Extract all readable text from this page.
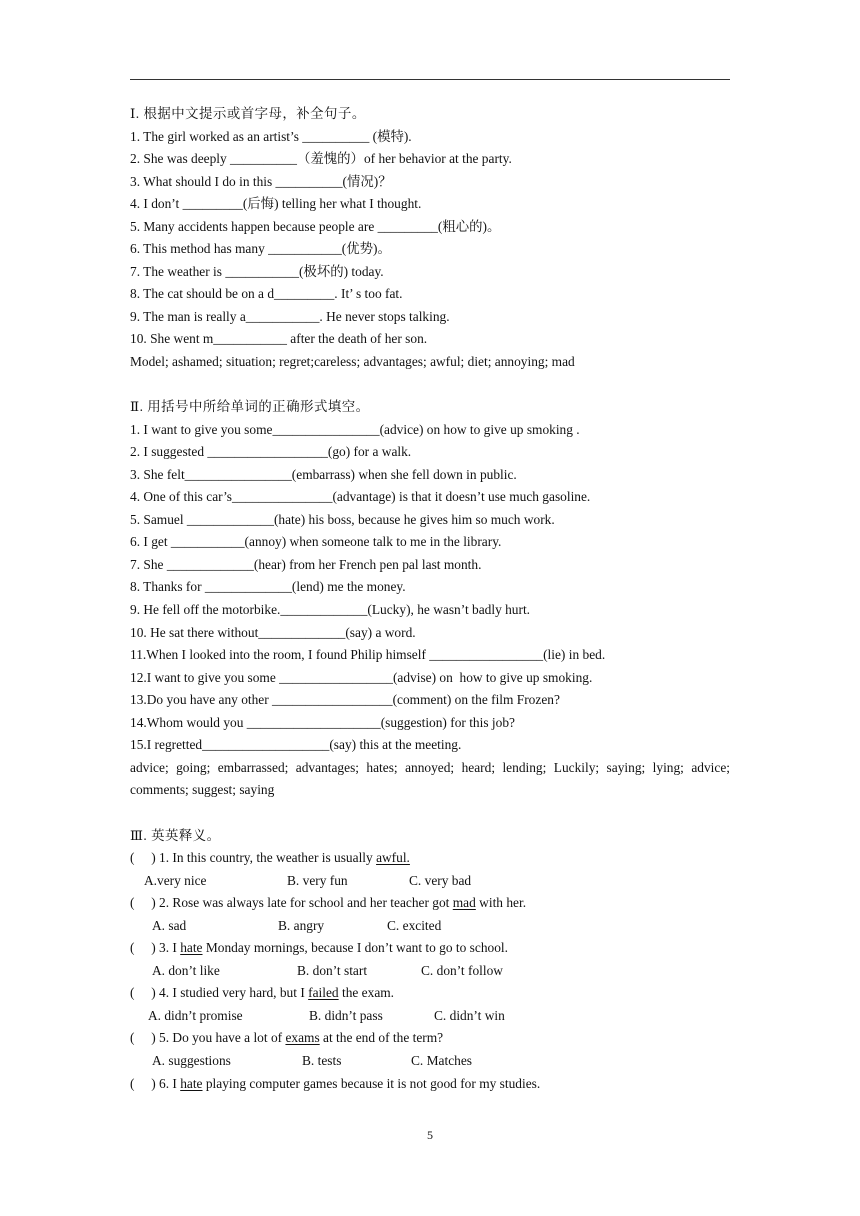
Ⅰ. 根据中文提示或首字母，补全句子。
1. The girl worked as an artist’s __________ (模特).
2. She was deeply __________（羞愧的）of her behavior at the party.
3. What should I do in this __________(情况)？
4. I don’t _________(后悔) telling her what I thought.
5. Many accidents happen because people are _________(粗心的)。
6. This method has many ___________(优势)。
7. The weather is ___________(极坏的) today.
8. The cat should be on a d_________. It’ s too fat.
9. The man is really a___________. He never stops talking.
10. She went m___________ after the death of her son.
Model; ashamed; situation; regret;careless; advantages; awful; diet; annoying; mad
Ⅱ. 用括号中所给单词的正确形式填空。
1. I want to give you some________________(advice) on how to give up smoking .
2. I suggested __________________(go) for a walk.
3. She felt________________(embarrass) when she fell down in public.
4. One of this car’s_______________(advantage) is that it doesn’t use much gasoline.
5. Samuel _____________(hate) his boss, because he gives him so much work.
6. I get ___________(annoy) when someone talk to me in the library.
7. She _____________(hear) from her French pen pal last month.
8. Thanks for _____________(lend) me the money.
9. He fell off the motorbike._____________(Lucky), he wasn’t badly hurt.
10. He sat there without_____________(say) a word.
11.When I looked into the room, I found Philip himself _________________(lie) in bed.
12.I want to give you some _________________(advise) on  how to give up smoking.
13.Do you have any other __________________(comment) on the film Frozen?
14.Whom would you ____________________(suggestion) for this job?
15.I regretted___________________(say) this at the meeting.
advice; going; embarrassed; advantages; hates; annoyed; heard; lending; Luckily; saying; lying; advice; comments; suggest; saying
Ⅲ. 英英释义。
(     ) 1. In this country, the weather is usually awful.
A.very nice	B. very fun	C. very bad
(     ) 2. Rose was always late for school and her teacher got mad with her.
A. sad	B. angry	C. excited
(     ) 3. I hate Monday mornings, because I don’t want to go to school.
A. don’t like	B. don’t start	C. don’t follow
(     ) 4. I studied very hard, but I failed the exam.
A. didn’t promise	B. didn’t pass	C. didn’t win
(     ) 5. Do you have a lot of exams at the end of the term?
A. suggestions	B. tests	C. Matches
(     ) 6. I hate playing computer games because it is not good for my studies.
5
